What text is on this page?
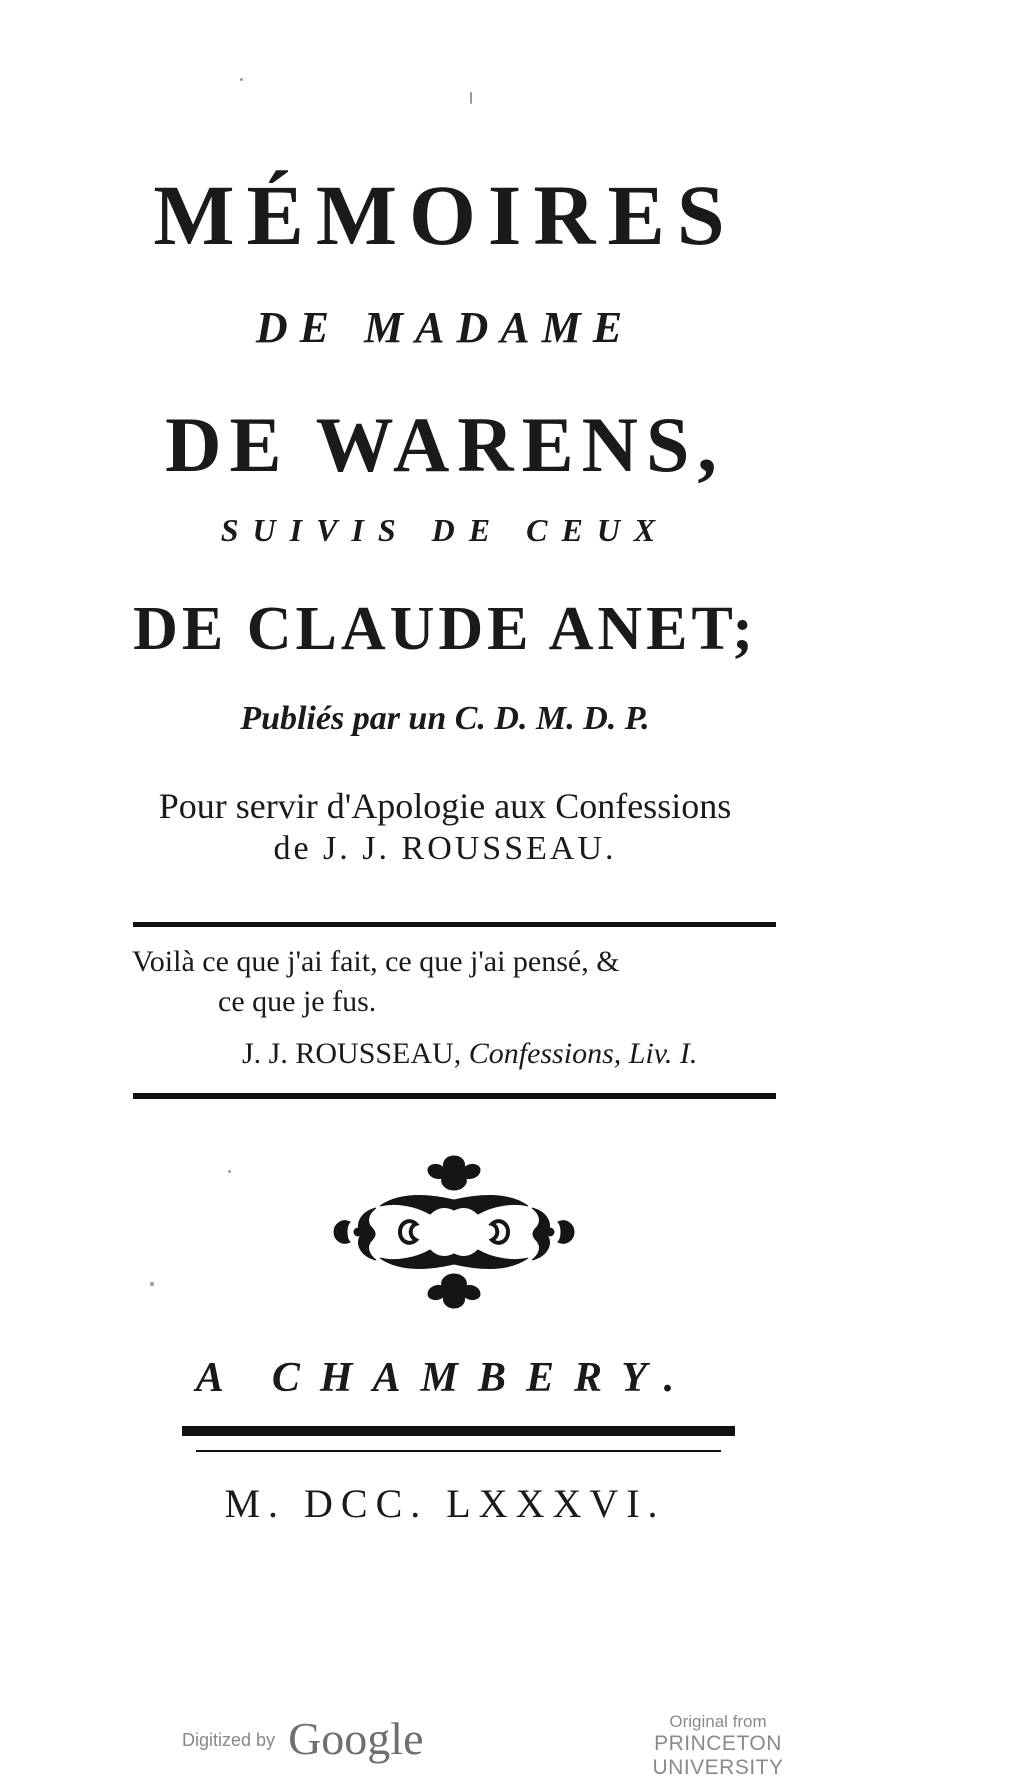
MÉMOIRES
DE MADAME
DE WARENS,
SUIVIS DE CEUX
DE CLAUDE ANET;
Publiés par un C. D. M. D. P.
Pour servir d'Apologie aux Confessions
de J. J. ROUSSEAU.
Voilà ce que j'ai fait, ce que j'ai pensé, &
ce que je fus.
J. J. ROUSSEAU, Confessions, Liv. I.
A CHAMBERY.
M. DCC. LXXXVI.
Digitized by Google	Original from
PRINCETON UNIVERSITY
